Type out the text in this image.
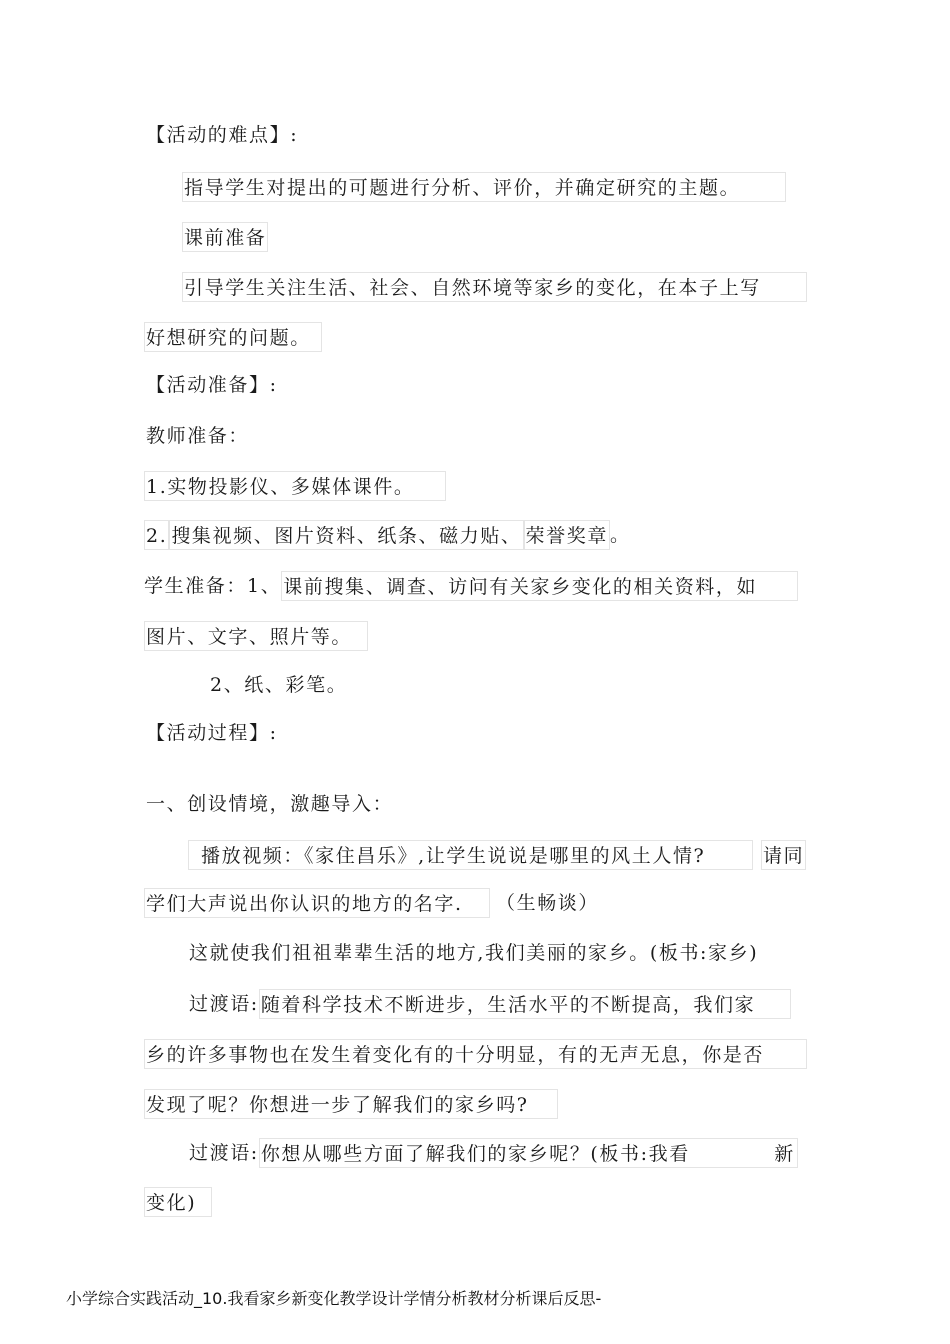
【活动的难点】:
指导学生对提出的可题进行分析、评价，并确定研究的主题。
课前准备
引导学生关注生活、社会、自然环境等家乡的变化，在本子上写
好想研究的问题。
【活动准备】:
教师准备：
1.实物投影仪、多媒体课件。
2. 搜集视频、图片资料、纸条、磁力贴、 荣誉奖章 。
学生准备：1、 课前搜集、调查、访问有关家乡变化的相关资料，如
图片、文字、照片等。
2、纸、彩笔。
【活动过程】:
一、创设情境，激趣导入：
播放视频：《家住昌乐》,让学生说说是哪里的风土人情?	请同
学们大声说出你认识的地方的名字. （生畅谈）
这就使我们祖祖辈辈生活的地方,我们美丽的家乡。(板书:家乡)
过渡语: 随着科学技术不断进步，生活水平的不断提高，我们家
乡的许多事物也在发生着变化有的十分明显，有的无声无息，你是否
发现了呢？你想进一步了解我们的家乡吗?
过渡语: 你想从哪些方面了解我们的家乡呢？(板书:我看	新
变化)
小学综合实践活动_10.我看家乡新变化教学设计学情分析教材分析课后反思-
